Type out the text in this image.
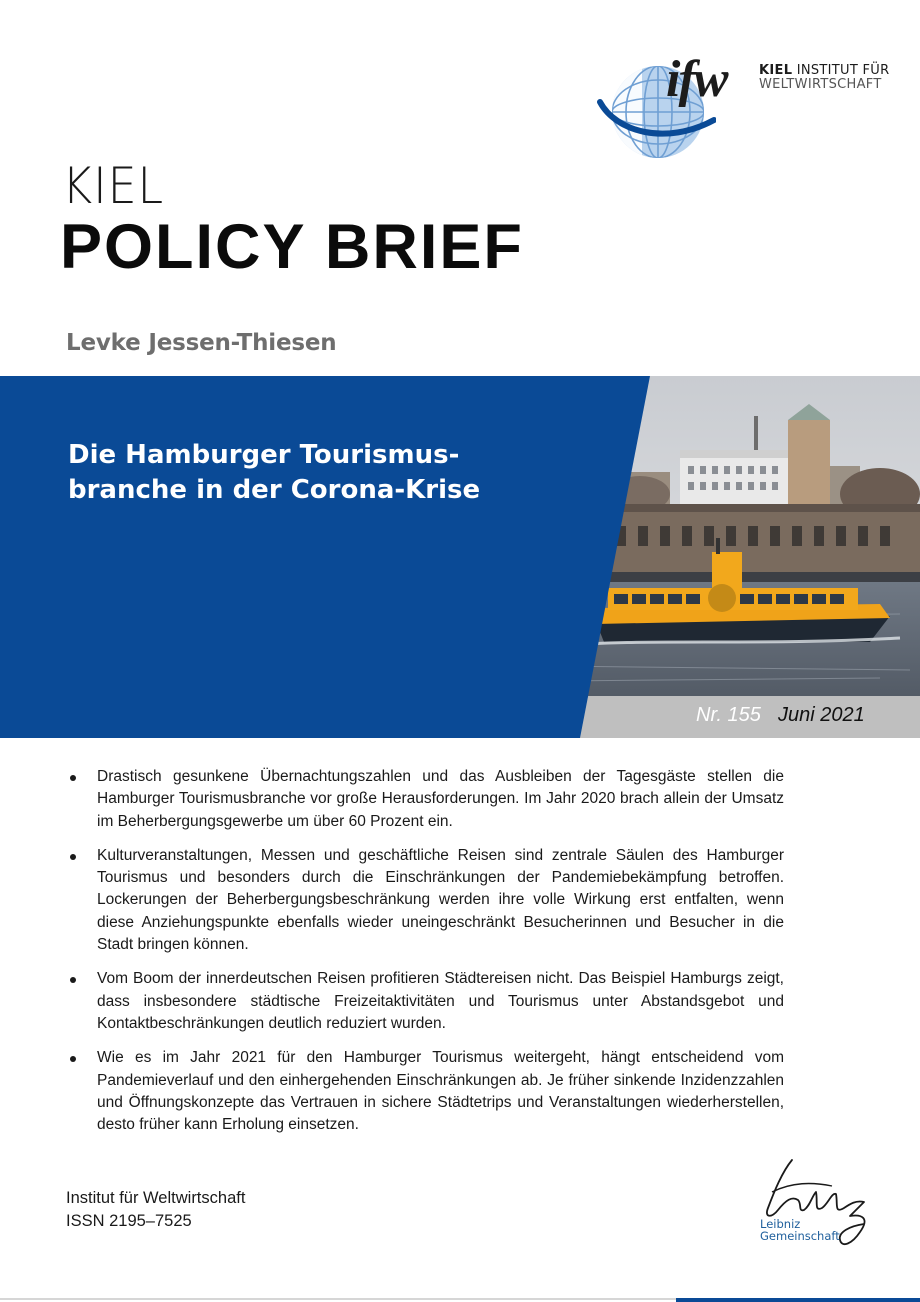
ifw	KIEL INSTITUT FÜR
WELTWIRTSCHAFT
KIEL
POLICY BRIEF
Levke Jessen-Thiesen
Die Hamburger Tourismus-
branche in der Corona-Krise
Nr. 155 Juni 2021
Drastisch gesunkene Übernachtungszahlen und das Ausbleiben der Tagesgäste stellen die Hamburger Tourismusbranche vor große Herausforderungen. Im Jahr 2020 brach allein der Umsatz im Beherbergungsgewerbe um über 60 Prozent ein.
Kulturveranstaltungen, Messen und geschäftliche Reisen sind zentrale Säulen des Hamburger Tourismus und besonders durch die Einschränkungen der Pandemiebekämpfung betroffen. Lockerungen der Beherbergungsbeschränkung werden ihre volle Wirkung erst entfalten, wenn diese Anziehungspunkte ebenfalls wieder uneingeschränkt Besucherinnen und Besucher in die Stadt bringen können.
Vom Boom der innerdeutschen Reisen profitieren Städtereisen nicht. Das Beispiel Hamburgs zeigt, dass insbesondere städtische Freizeitaktivitäten und Tourismus unter Abstandsgebot und Kontaktbeschränkungen deutlich reduziert wurden.
Wie es im Jahr 2021 für den Hamburger Tourismus weitergeht, hängt entscheidend vom Pandemieverlauf und den einhergehenden Einschränkungen ab. Je früher sinkende Inzidenzzahlen und Öffnungskonzepte das Vertrauen in sichere Städtetrips und Veranstaltungen wiederherstellen, desto früher kann Erholung einsetzen.
Institut für Weltwirtschaft
ISSN 2195–7525	Leibniz
Gemeinschaft
